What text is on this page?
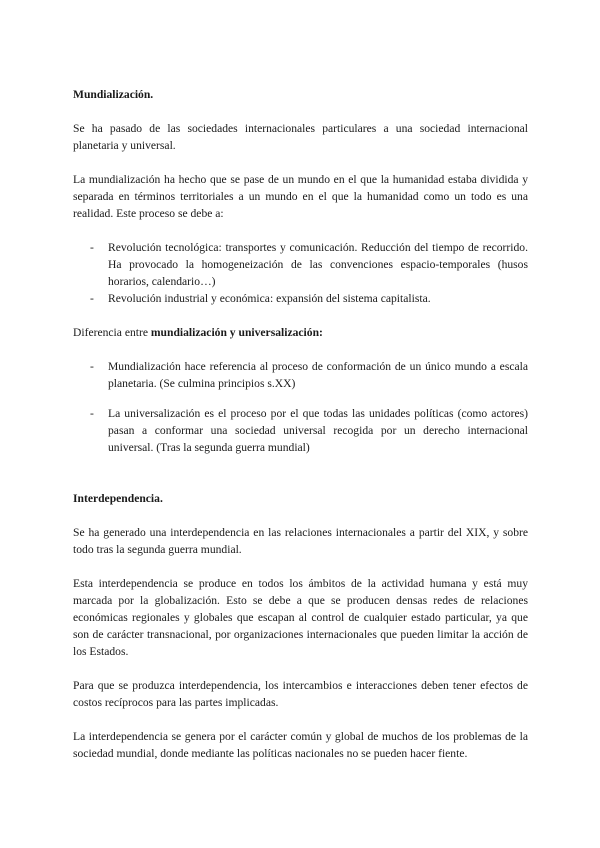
Mundialización.

Se ha pasado de las sociedades internacionales particulares a una sociedad internacional planetaria y universal.

La mundialización ha hecho que se pase de un mundo en el que la humanidad estaba dividida y separada en términos territoriales a un mundo en el que la humanidad como un todo es una realidad. Este proceso se debe a:

- Revolución tecnológica: transportes y comunicación. Reducción del tiempo de recorrido. Ha provocado la homogeneización de las convenciones espacio-temporales (husos horarios, calendario…)
- Revolución industrial y económica: expansión del sistema capitalista.

Diferencia entre mundialización y universalización:

- Mundialización hace referencia al proceso de conformación de un único mundo a escala planetaria. (Se culmina principios s.XX)
- La universalización es el proceso por el que todas las unidades políticas (como actores) pasan a conformar una sociedad universal recogida por un derecho internacional universal. (Tras la segunda guerra mundial)

Interdependencia.

Se ha generado una interdependencia en las relaciones internacionales a partir del XIX, y sobre todo tras la segunda guerra mundial.

Esta interdependencia se produce en todos los ámbitos de la actividad humana y está muy marcada por la globalización. Esto se debe a que se producen densas redes de relaciones económicas regionales y globales que escapan al control de cualquier estado particular, ya que son de carácter transnacional, por organizaciones internacionales que pueden limitar la acción de los Estados.

Para que se produzca interdependencia, los intercambios e interacciones deben tener efectos de costos recíprocos para las partes implicadas.

La interdependencia se genera por el carácter común y global de muchos de los problemas de la sociedad mundial, donde mediante las políticas nacionales no se pueden hacer fiente.
